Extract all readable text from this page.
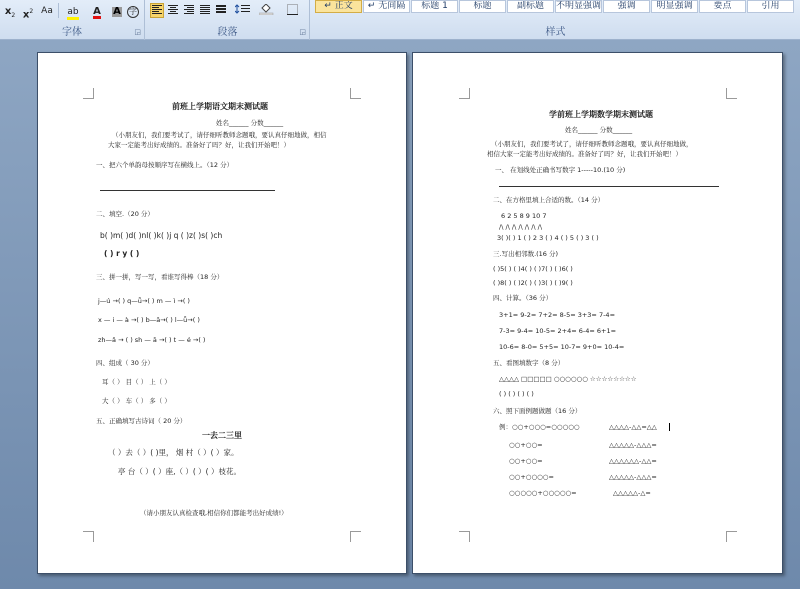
$x_2$ $x^2$ Aa	ab	A	A	字
字体	◲	段落	◲
↵ 正文	↵ 无间隔	标题 1	标题	副标题	不明显强调	强调	明显强调	要点	引用
样式
前班上学期语文期末测试题
姓名______ 分数______
（小朋友们，我们要考试了，请仔细听教师念题哦，要认真仔细地做，相信
大家一定能考出好成绩的。准备好了吗？好，让我们开始吧！）
一、把六个单韵母按顺序写在横线上。（12 分）
二、填空.（20 分）
b( )m( )d( )nl( )k( )j q ( )z( )s( )ch
( ) r y ( )
三、拼一拼，写一写，看谁写得棒（18 分）
j—ú →( ) q—ǖ→( ) m — ì →( )
x — i — à →( ) b—ā→( ) l—ǖ→( )
zh—ǎ → ( ) sh — ā →( ) t — é →( )
四、组成（ 30 分）
耳（ ） 目（ ） 上（ ）
大（ ） 车（ ） 多（ ）
五、正确填写古诗词（ 20 分）
一去二三里
（ ）去（ ）( )里， 烟 村（ ）( ）家。
亭 台（ ）( ）座,（ ）( ）( ）枝花。
（请小朋友认真检查哦,相信你们都能考出好成绩!）
学前班上学期数学期末测试题
姓名______ 分数______
（小朋友们，我们要考试了，请仔细听教师念题哦，要认真仔细地做，
相信大家一定能考出好成绩的。准备好了吗？好，让我们开始吧！）
一、 在划线处正确书写数字 1-----10.(10 分)
二、在方格里填上合适的数。（14 分）
6 2 5 8 9 10 7
/\ /\ /\ /\ /\ /\ /\
3( )( ) 1 ( ) 2 3 ( ) 4 ( ) 5 ( ) 3 ( )
三.写出相邻数.(16 分)
( )5( ) ( )4( ) ( )7( ) ( )6( )
( )8( ) ( )2( ) ( )3( ) ( )9( )
四、计算。（36 分）
3+1= 9-2= 7+2= 8-5= 3+3= 7-4=
7-3= 9-4= 10-5= 2+4= 6-4= 6+1=
10-6= 8-0= 5+5= 10-7= 9+0= 10-4=
五、看图填数字（8 分）
△△△△ □□□□□ ○○○○○○ ☆☆☆☆☆☆☆☆
( ) ( ) ( ) ( )
六、照下面例题做题（16 分）
例：○○+○○○=○○○○○	△△△△-△△=△△
○○+○○=	△△△△△-△△△=
○○+○○=	△△△△△△-△△=
○○+○○○○=	△△△△△-△△△=
○○○○○+○○○○○=	△△△△△-△=
